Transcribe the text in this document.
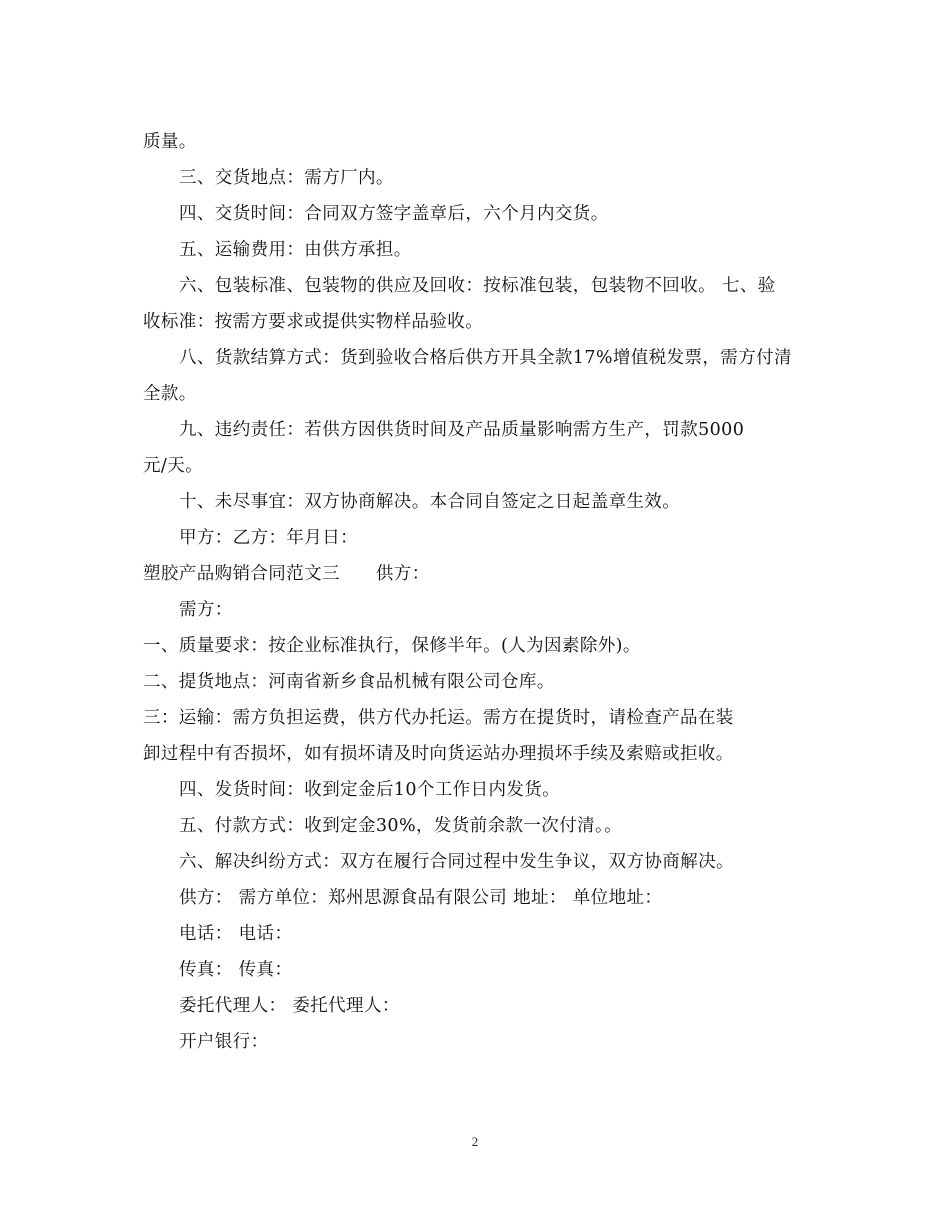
质量。
三、交货地点：需方厂内。
四、交货时间：合同双方签字盖章后，六个月内交货。
五、运输费用：由供方承担。
六、包装标准、包装物的供应及回收：按标准包装，包装物不回收。 七、验
收标准：按需方要求或提供实物样品验收。
八、货款结算方式：货到验收合格后供方开具全款17%增值税发票，需方付清
全款。
九、违约责任：若供方因供货时间及产品质量影响需方生产，罚款5000
元/天。
十、未尽事宜：双方协商解决。本合同自签定之日起盖章生效。
甲方：乙方：年月日：
塑胶产品购销合同范文三 供方：
需方：
一、质量要求：按企业标准执行，保修半年。(人为因素除外)。
二、提货地点：河南省新乡食品机械有限公司仓库。
三：运输：需方负担运费，供方代办托运。需方在提货时，请检查产品在装
卸过程中有否损坏，如有损坏请及时向货运站办理损坏手续及索赔或拒收。
四、发货时间：收到定金后10个工作日内发货。
五、付款方式：收到定金30%，发货前余款一次付清。。
六、解决纠纷方式：双方在履行合同过程中发生争议，双方协商解决。
供方： 需方单位：郑州思源食品有限公司 地址： 单位地址：
电话： 电话：
传真： 传真：
委托代理人： 委托代理人：
开户银行：
2
